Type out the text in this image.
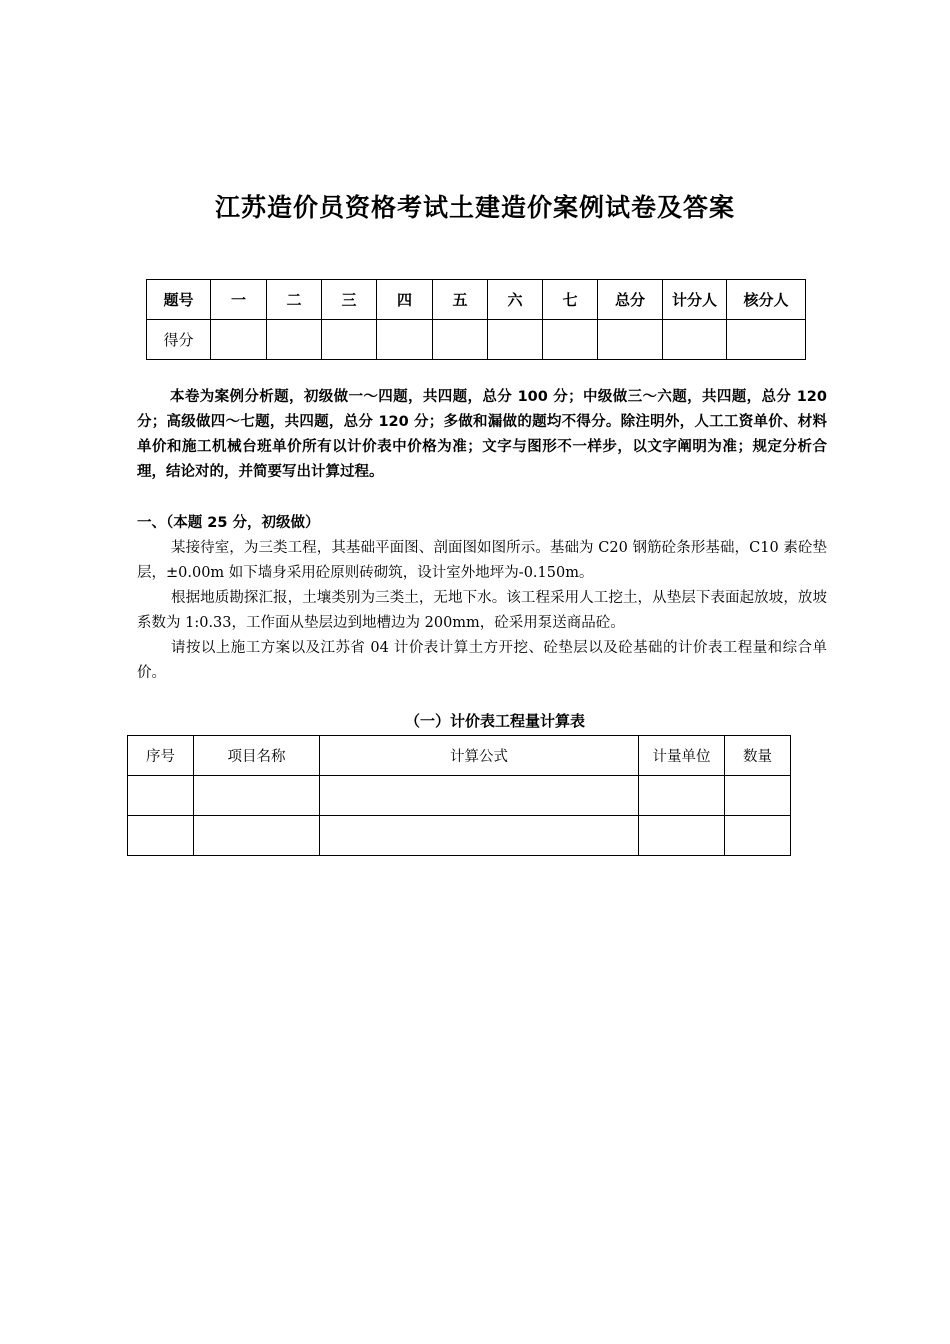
江苏造价员资格考试土建造价案例试卷及答案
题号	一	二	三	四	五	六	七	总分	计分人	核分人
得分										
本卷为案例分析题，初级做一～四题，共四题，总分 100 分；中级做三～六题，共四题，总分 120 分；高级做四～七题，共四题，总分 120 分；多做和漏做的题均不得分。除注明外，人工工资单价、材料单价和施工机械台班单价所有以计价表中价格为准；文字与图形不一样步，以文字阐明为准；规定分析合理，结论对的，并简要写出计算过程。
一、（本题 25 分，初级做）
某接待室，为三类工程，其基础平面图、剖面图如图所示。基础为 C20 钢筋砼条形基础，C10 素砼垫层，±0.00m 如下墙身采用砼原则砖砌筑，设计室外地坪为-0.150m。
根据地质勘探汇报，土壤类别为三类土，无地下水。该工程采用人工挖土，从垫层下表面起放坡，放坡系数为 1:0.33，工作面从垫层边到地槽边为 200mm，砼采用泵送商品砼。
请按以上施工方案以及江苏省 04 计价表计算土方开挖、砼垫层以及砼基础的计价表工程量和综合单价。
（一）计价表工程量计算表
序号	项目名称	计算公式	计量单位	数量
